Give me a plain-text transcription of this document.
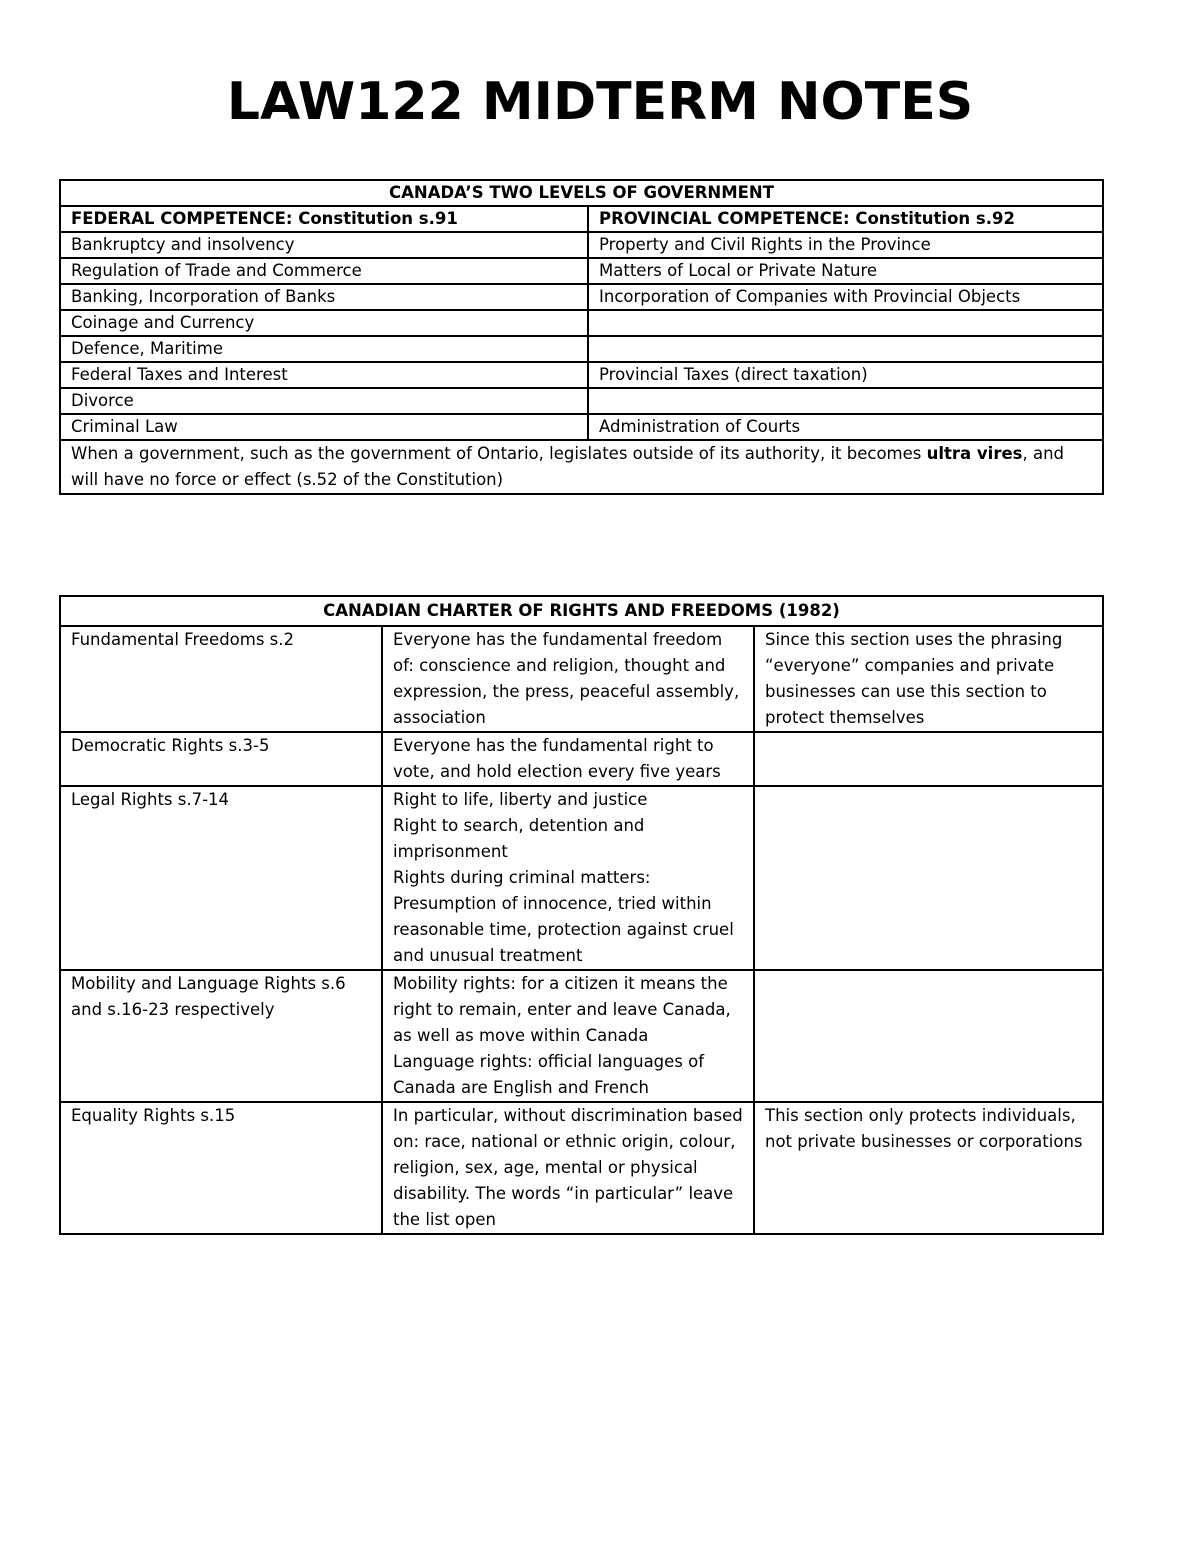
LAW122 MIDTERM NOTES
CANADA’S TWO LEVELS OF GOVERNMENT	
FEDERAL COMPETENCE: Constitution s.91	PROVINCIAL COMPETENCE: Constitution s.92
Bankruptcy and insolvency	Property and Civil Rights in the Province
Regulation of Trade and Commerce	Matters of Local or Private Nature
Banking, Incorporation of Banks	Incorporation of Companies with Provincial Objects
Coinage and Currency	
Defence, Maritime	
Federal Taxes and Interest	Provincial Taxes (direct taxation)
Divorce	
Criminal Law	Administration of Courts
When a government, such as the government of Ontario, legislates outside of its authority, it becomes ultra vires, and will have no force or effect (s.52 of the Constitution)	
CANADIAN CHARTER OF RIGHTS AND FREEDOMS (1982)		
Fundamental Freedoms s.2	Everyone has the fundamental freedom of: conscience and religion, thought and expression, the press, peaceful assembly, association	Since this section uses the phrasing “everyone” companies and private businesses can use this section to protect themselves
Democratic Rights s.3-5	Everyone has the fundamental right to vote, and hold election every five years	

Legal Rights s.7-14	Right to life, liberty and justice
Right to search, detention and imprisonment
Rights during criminal matters: Presumption of innocence, tried within reasonable time, protection against cruel and unusual treatment	

Mobility and Language Rights s.6 and s.16-23 respectively	Mobility rights: for a citizen it means the right to remain, enter and leave Canada, as well as move within Canada
Language rights: official languages of Canada are English and French	

Equality Rights s.15	In particular, without discrimination based on: race, national or ethnic origin, colour, religion, sex, age, mental or physical disability. The words “in particular” leave the list open	This section only protects individuals, not private businesses or corporations
